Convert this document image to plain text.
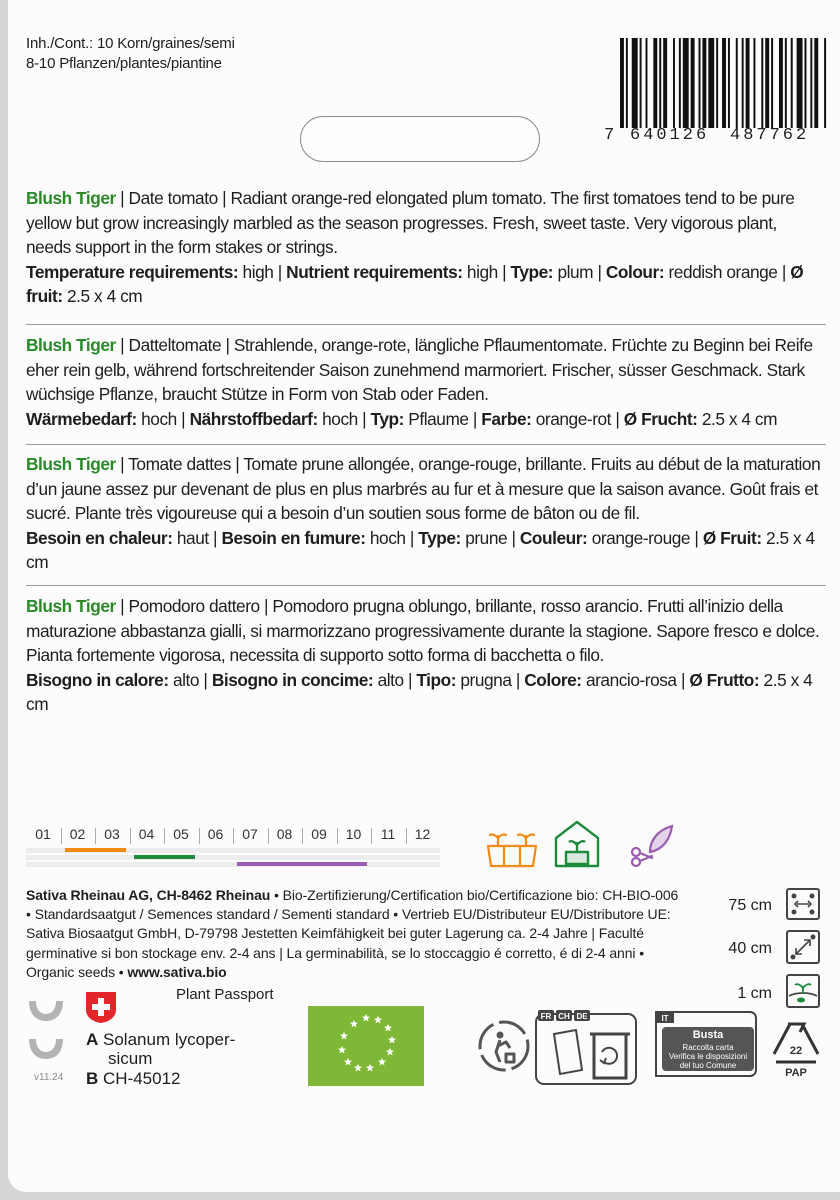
Inh./Cont.: 10 Korn/graines/semi
8-10 Pflanzen/plantes/piantine
7 640126 487762
Blush Tiger | Date tomato | Radiant orange-red elongated plum tomato. The first tomatoes tend to be pure yellow but grow increasingly marbled as the season progresses. Fresh, sweet taste. Very vigorous plant, needs support in the form stakes or strings.
Temperature requirements: high | Nutrient requirements: high | Type: plum | Colour: reddish orange | Ø fruit: 2.5 x 4 cm
Blush Tiger | Datteltomate | Strahlende, orange-rote, längliche Pflaumentomate. Früchte zu Beginn bei Reife eher rein gelb, während fortschreitender Saison zunehmend marmoriert. Frischer, süsser Geschmack. Stark wüchsige Pflanze, braucht Stütze in Form von Stab oder Faden.
Wärmebedarf: hoch | Nährstoffbedarf: hoch | Typ: Pflaume | Farbe: orange-rot | Ø Frucht: 2.5 x 4 cm
Blush Tiger | Tomate dattes | Tomate prune allongée, orange-rouge, brillante. Fruits au début de la maturation d’un jaune assez pur devenant de plus en plus marbrés au fur et à mesure que la saison avance. Goût frais et sucré. Plante très vigoureuse qui a besoin d’un soutien sous forme de bâton ou de fil.
Besoin en chaleur: haut | Besoin en fumure: hoch | Type: prune | Couleur: orange-rouge | Ø Fruit: 2.5 x 4 cm
Blush Tiger | Pomodoro dattero | Pomodoro prugna oblungo, brillante, rosso arancio. Frutti all’inizio della maturazione abbastanza gialli, si marmorizzano progressivamente durante la stagione. Sapore fresco e dolce. Pianta fortemente vigorosa, necessita di supporto sotto forma di bacchetta o filo.
Bisogno in calore: alto | Bisogno in concime: alto | Tipo: prugna | Colore: arancio-rosa | Ø Frutto: 2.5 x 4 cm
01	02	03	04	05	06	07	08	09	10	11	12
Sativa Rheinau AG, CH-8462 Rheinau • Bio-Zertifizierung/Certification bio/Certificazione bio: CH-BIO-006 • Standardsaatgut / Semences standard / Sementi standard • Vertrieb EU/Distributeur EU/Distributore UE: Sativa Biosaatgut GmbH, D-79798 Jestetten Keimfähigkeit bei guter Lagerung ca. 2-4 Jahre | Faculté germinative si bon stockage env. 2-4 ans | La germinabilità, se lo stoccaggio é corretto, é di 2-4 anni • Organic seeds • www.sativa.bio
75 cm
40 cm
1 cm
v11.24
Plant Passport
A Solanum lycoper-
sicum
B CH-45012
FR CH DE	IT
Busta
Raccolta carta
Verifica le disposizioni
del tuo Comune
22
PAP
